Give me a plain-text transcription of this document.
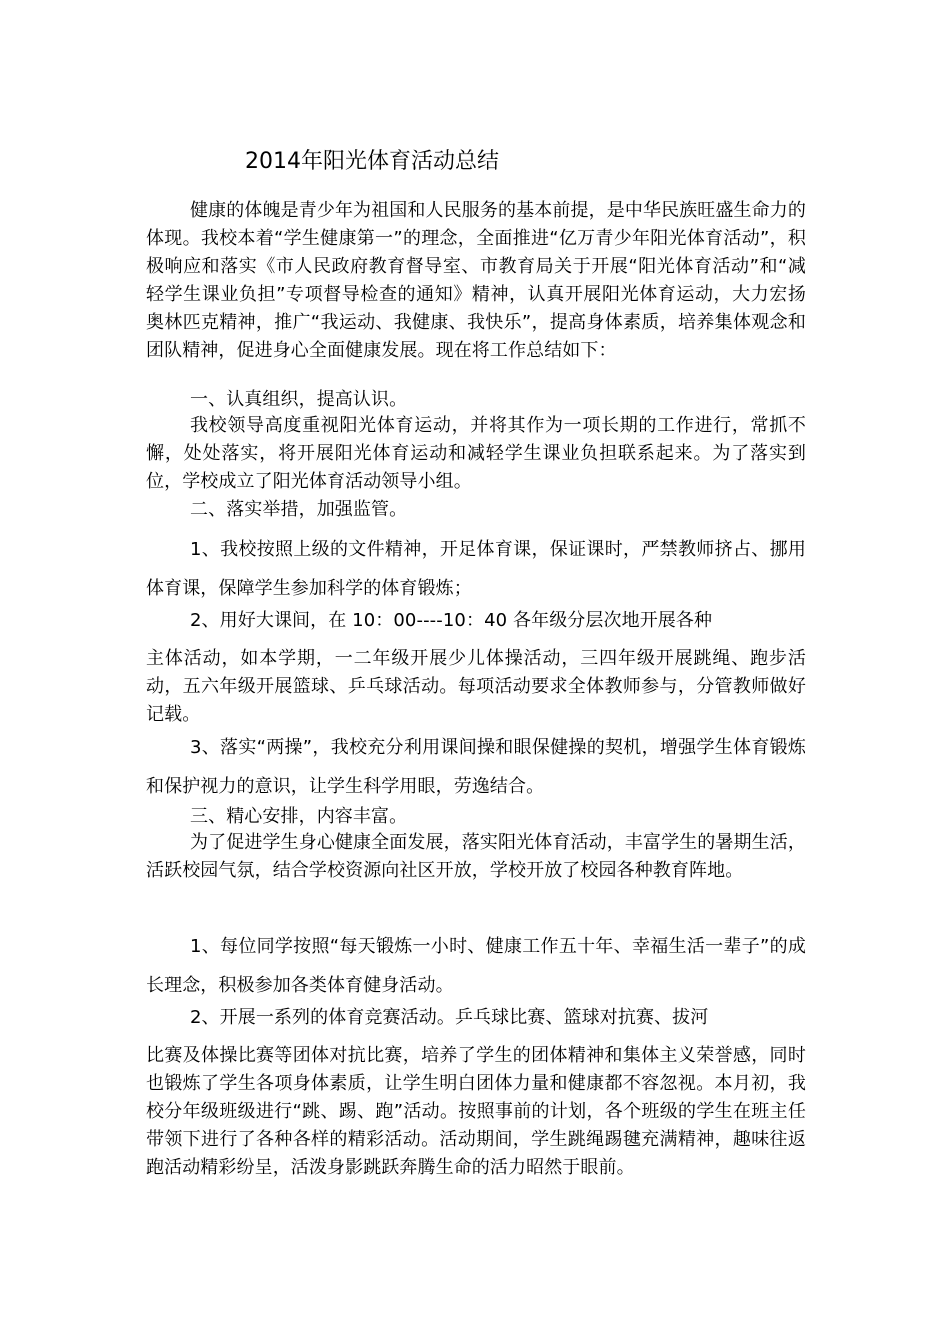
2014年阳光体育活动总结

健康的体魄是青少年为祖国和人民服务的基本前提，是中华民族旺盛生命力的体现。我校本着“学生健康第一”的理念，全面推进“亿万青少年阳光体育活动”，积极响应和落实《市人民政府教育督导室、市教育局关于开展“阳光体育活动”和“减轻学生课业负担”专项督导检查的通知》精神，认真开展阳光体育运动，大力宏扬奥林匹克精神，推广“我运动、我健康、我快乐”，提高身体素质，培养集体观念和团队精神，促进身心全面健康发展。现在将工作总结如下：

一、认真组织，提高认识。

我校领导高度重视阳光体育运动，并将其作为一项长期的工作进行，常抓不懈，处处落实，将开展阳光体育运动和减轻学生课业负担联系起来。为了落实到位，学校成立了阳光体育活动领导小组。

二、落实举措，加强监管。

1、我校按照上级的文件精神，开足体育课，保证课时，严禁教师挤占、挪用体育课，保障学生参加科学的体育锻炼；

2、用好大课间，在 10：00----10：40 各年级分层次地开展各种

主体活动，如本学期，一二年级开展少儿体操活动，三四年级开展跳绳、跑步活动，五六年级开展篮球、乒乓球活动。每项活动要求全体教师参与，分管教师做好记载。

3、落实“两操”，我校充分利用课间操和眼保健操的契机，增强学生体育锻炼和保护视力的意识，让学生科学用眼，劳逸结合。

三、精心安排，内容丰富。

为了促进学生身心健康全面发展，落实阳光体育活动，丰富学生的暑期生活，活跃校园气氛，结合学校资源向社区开放，学校开放了校园各种教育阵地。

1、每位同学按照“每天锻炼一小时、健康工作五十年、幸福生活一辈子”的成长理念，积极参加各类体育健身活动。

2、开展一系列的体育竞赛活动。乒乓球比赛、篮球对抗赛、拔河

比赛及体操比赛等团体对抗比赛，培养了学生的团体精神和集体主义荣誉感，同时也锻炼了学生各项身体素质，让学生明白团体力量和健康都不容忽视。本月初，我校分年级班级进行“跳、踢、跑”活动。按照事前的计划，各个班级的学生在班主任带领下进行了各种各样的精彩活动。活动期间，学生跳绳踢毽充满精神，趣味往返跑活动精彩纷呈，活泼身影跳跃奔腾生命的活力昭然于眼前。
